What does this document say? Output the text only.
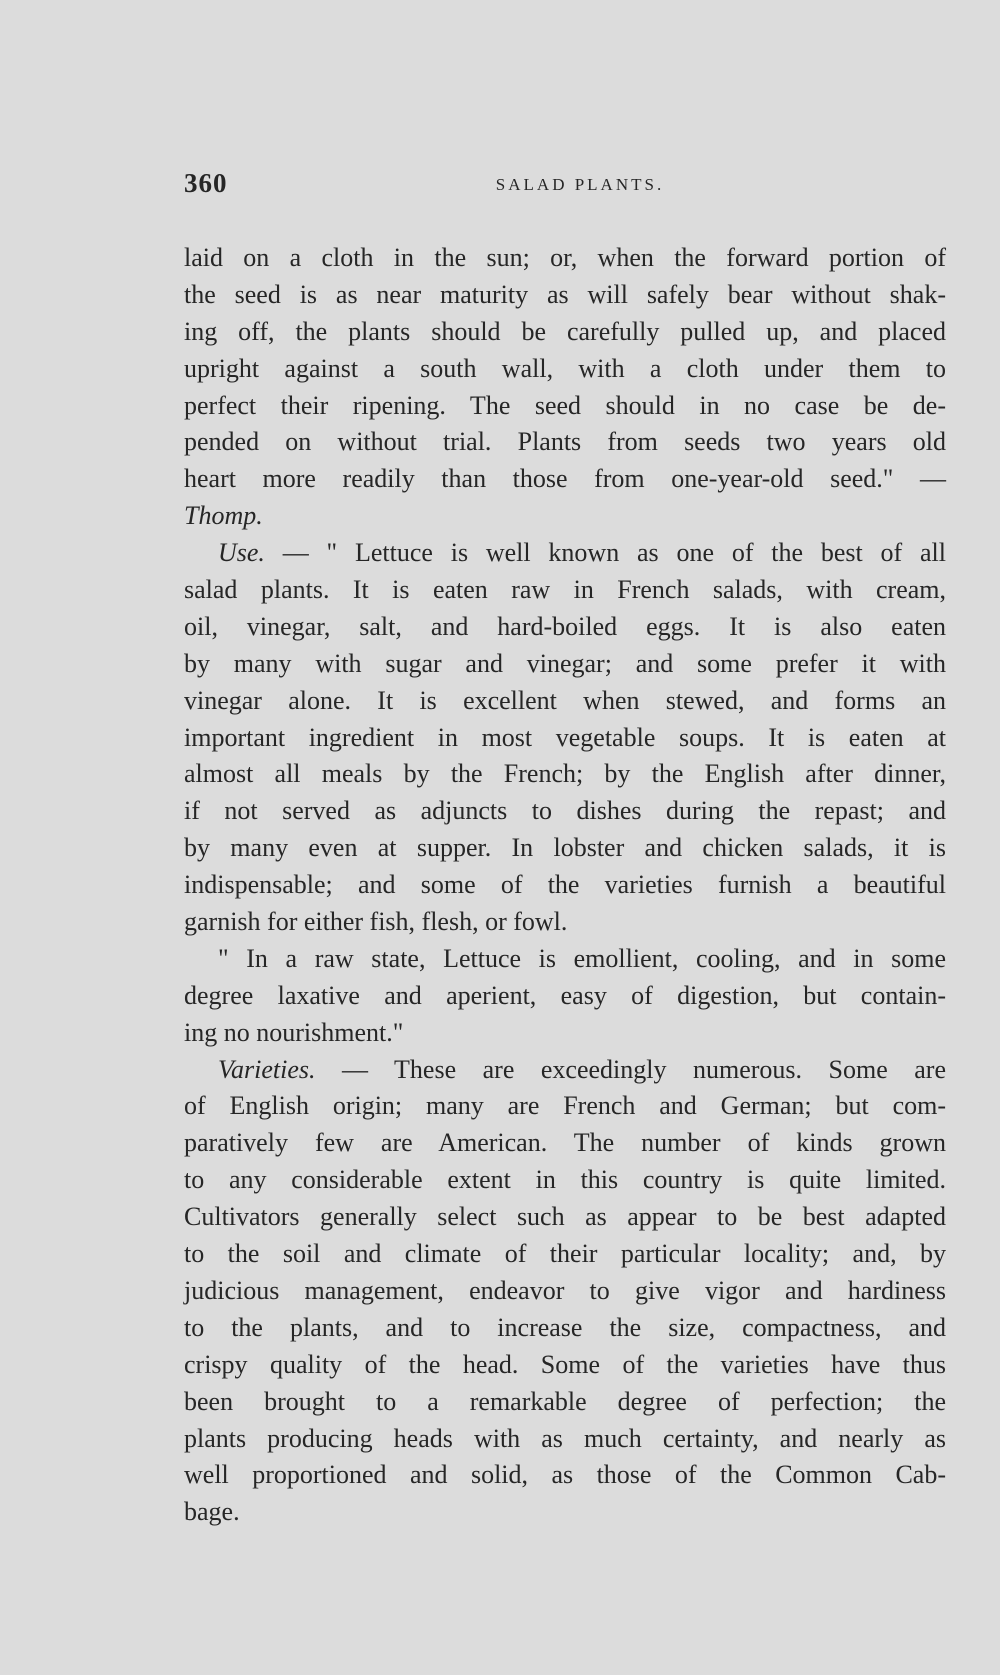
360	SALAD PLANTS.
laid on a cloth in the sun; or, when the forward portion of
the seed is as near maturity as will safely bear without shak-
ing off, the plants should be carefully pulled up, and placed
upright against a south wall, with a cloth under them to
perfect their ripening. The seed should in no case be de-
pended on without trial. Plants from seeds two years old
heart more readily than those from one-year-old seed." —
Thomp.
Use. — " Lettuce is well known as one of the best of all
salad plants. It is eaten raw in French salads, with cream,
oil, vinegar, salt, and hard-boiled eggs. It is also eaten
by many with sugar and vinegar; and some prefer it with
vinegar alone. It is excellent when stewed, and forms an
important ingredient in most vegetable soups. It is eaten at
almost all meals by the French; by the English after dinner,
if not served as adjuncts to dishes during the repast; and
by many even at supper. In lobster and chicken salads, it is
indispensable; and some of the varieties furnish a beautiful
garnish for either fish, flesh, or fowl.
" In a raw state, Lettuce is emollient, cooling, and in some
degree laxative and aperient, easy of digestion, but contain-
ing no nourishment."
Varieties. — These are exceedingly numerous. Some are
of English origin; many are French and German; but com-
paratively few are American. The number of kinds grown
to any considerable extent in this country is quite limited.
Cultivators generally select such as appear to be best adapted
to the soil and climate of their particular locality; and, by
judicious management, endeavor to give vigor and hardiness
to the plants, and to increase the size, compactness, and
crispy quality of the head. Some of the varieties have thus
been brought to a remarkable degree of perfection; the
plants producing heads with as much certainty, and nearly as
well proportioned and solid, as those of the Common Cab-
bage.
